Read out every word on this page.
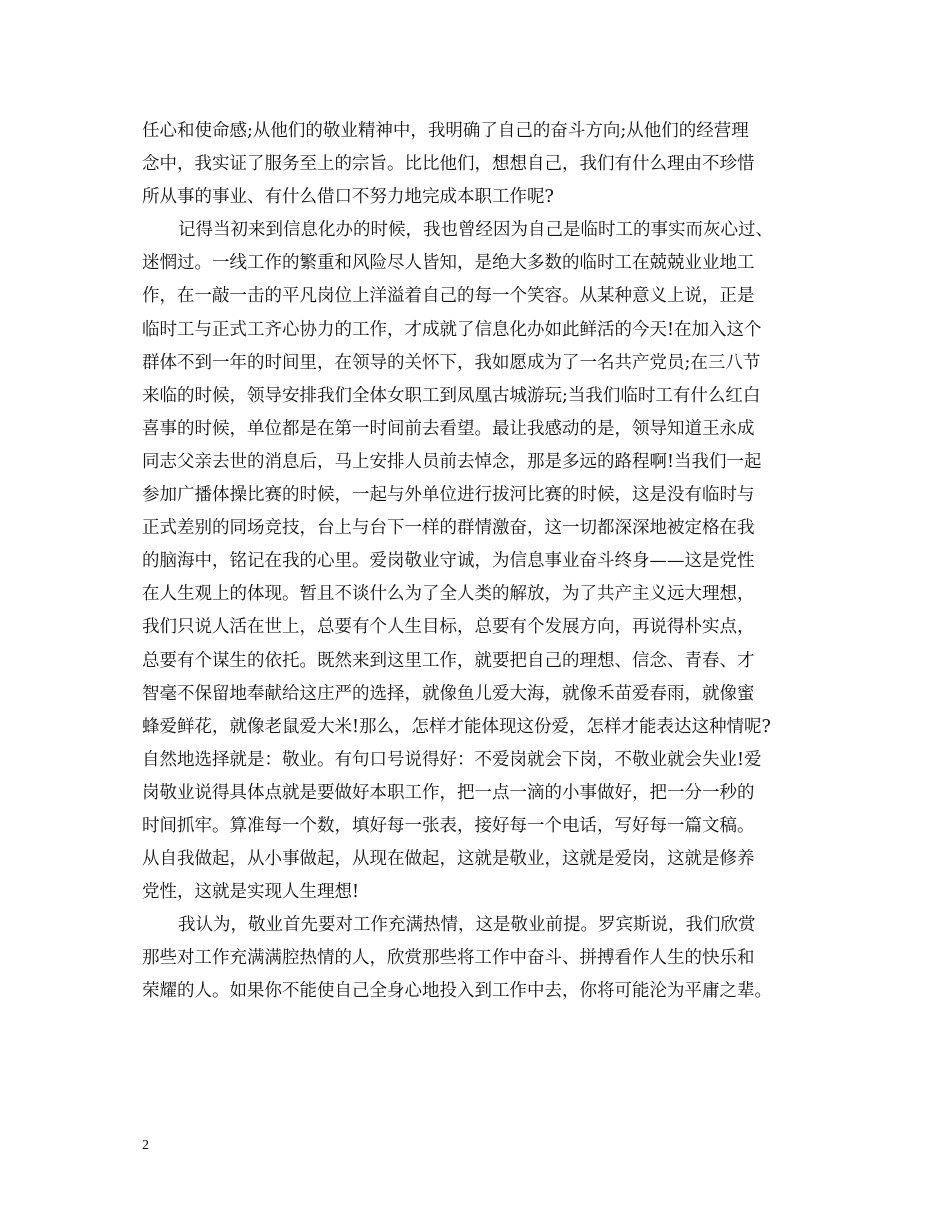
任心和使命感;从他们的敬业精神中，我明确了自己的奋斗方向;从他们的经营理
念中，我实证了服务至上的宗旨。比比他们，想想自己，我们有什么理由不珍惜
所从事的事业、有什么借口不努力地完成本职工作呢?
记得当初来到信息化办的时候，我也曾经因为自己是临时工的事实而灰心过、
迷惘过。一线工作的繁重和风险尽人皆知，是绝大多数的临时工在兢兢业业地工
作，在一敲一击的平凡岗位上洋溢着自己的每一个笑容。从某种意义上说，正是
临时工与正式工齐心协力的工作，才成就了信息化办如此鲜活的今天!在加入这个
群体不到一年的时间里，在领导的关怀下，我如愿成为了一名共产党员;在三八节
来临的时候，领导安排我们全体女职工到凤凰古城游玩;当我们临时工有什么红白
喜事的时候，单位都是在第一时间前去看望。最让我感动的是，领导知道王永成
同志父亲去世的消息后，马上安排人员前去悼念，那是多远的路程啊!当我们一起
参加广播体操比赛的时候，一起与外单位进行拔河比赛的时候，这是没有临时与
正式差别的同场竞技，台上与台下一样的群情激奋，这一切都深深地被定格在我
的脑海中，铭记在我的心里。爱岗敬业守诚，为信息事业奋斗终身——这是党性
在人生观上的体现。暂且不谈什么为了全人类的解放，为了共产主义远大理想，
我们只说人活在世上，总要有个人生目标，总要有个发展方向，再说得朴实点，
总要有个谋生的依托。既然来到这里工作，就要把自己的理想、信念、青春、才
智毫不保留地奉献给这庄严的选择，就像鱼儿爱大海，就像禾苗爱春雨，就像蜜
蜂爱鲜花，就像老鼠爱大米!那么，怎样才能体现这份爱，怎样才能表达这种情呢?
自然地选择就是：敬业。有句口号说得好：不爱岗就会下岗，不敬业就会失业!爱
岗敬业说得具体点就是要做好本职工作，把一点一滴的小事做好，把一分一秒的
时间抓牢。算准每一个数，填好每一张表，接好每一个电话，写好每一篇文稿。
从自我做起，从小事做起，从现在做起，这就是敬业，这就是爱岗，这就是修养
党性，这就是实现人生理想!
我认为，敬业首先要对工作充满热情，这是敬业前提。罗宾斯说，我们欣赏
那些对工作充满满腔热情的人，欣赏那些将工作中奋斗、拼搏看作人生的快乐和
荣耀的人。如果你不能使自己全身心地投入到工作中去，你将可能沦为平庸之辈。
2
